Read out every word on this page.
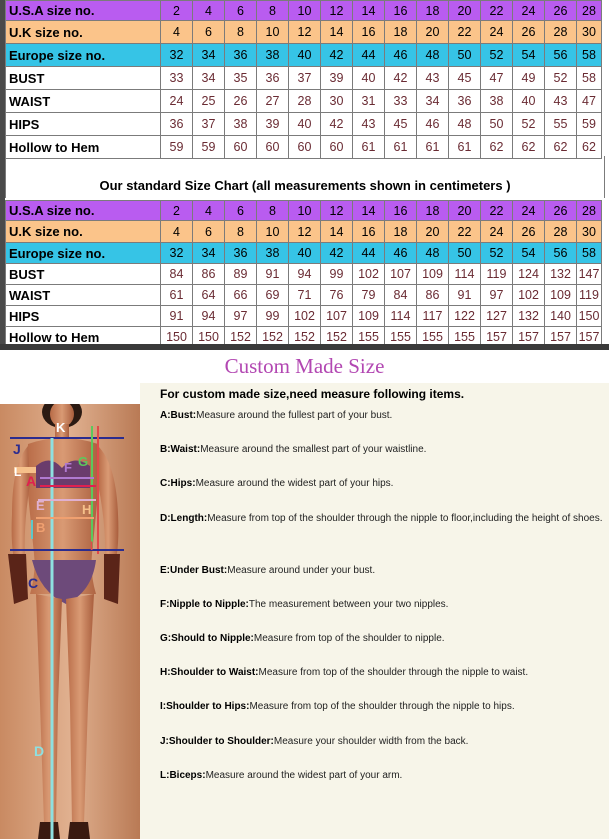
U.S.A size no.	2	4	6	8	10	12	14	16	18	20	22	24	26	28
U.K size no.	4	6	8	10	12	14	16	18	20	22	24	26	28	30
Europe size no.	32	34	36	38	40	42	44	46	48	50	52	54	56	58
BUST	33	34	35	36	37	39	40	42	43	45	47	49	52	58
WAIST	24	25	26	27	28	30	31	33	34	36	38	40	43	47
HIPS	36	37	38	39	40	42	43	45	46	48	50	52	55	59
Hollow to Hem	59	59	60	60	60	60	61	61	61	61	62	62	62	62
Our standard Size Chart (all measurements shown in centimeters )
U.S.A size no.	2	4	6	8	10	12	14	16	18	20	22	24	26	28
U.K size no.	4	6	8	10	12	14	16	18	20	22	24	26	28	30
Europe size no.	32	34	36	38	40	42	44	46	48	50	52	54	56	58
BUST	84	86	89	91	94	99	102	107	109	114	119	124	132	147
WAIST	61	64	66	69	71	76	79	84	86	91	97	102	109	119
HIPS	91	94	97	99	102	107	109	114	117	122	127	132	140	150
Hollow to Hem	150	150	152	152	152	152	155	155	155	155	157	157	157	157
Custom Made Size
For custom made size,need measure following items.
A:Bust:Measure around the fullest part of your bust.
B:Waist:Measure around the smallest part of your waistline.
C:Hips:Measure around the widest part of your hips.
D:Length:Measure from top of the shoulder through the nipple to floor,including the height of shoes.
E:Under Bust:Measure around under your bust.
F:Nipple to Nipple:The measurement between your two nipples.
G:Should to Nipple:Measure from top of the shoulder to nipple.
H:Shoulder to Waist:Measure from top of the shoulder through the nipple to waist.
I:Shoulder to Hips:Measure from top of the shoulder through the nipple to hips.
J:Shoulder to Shoulder:Measure your shoulder width from the back.
L:Biceps:Measure around the widest part of your arm.
K
J
L
A
F G
E
B
H
I
C
D
